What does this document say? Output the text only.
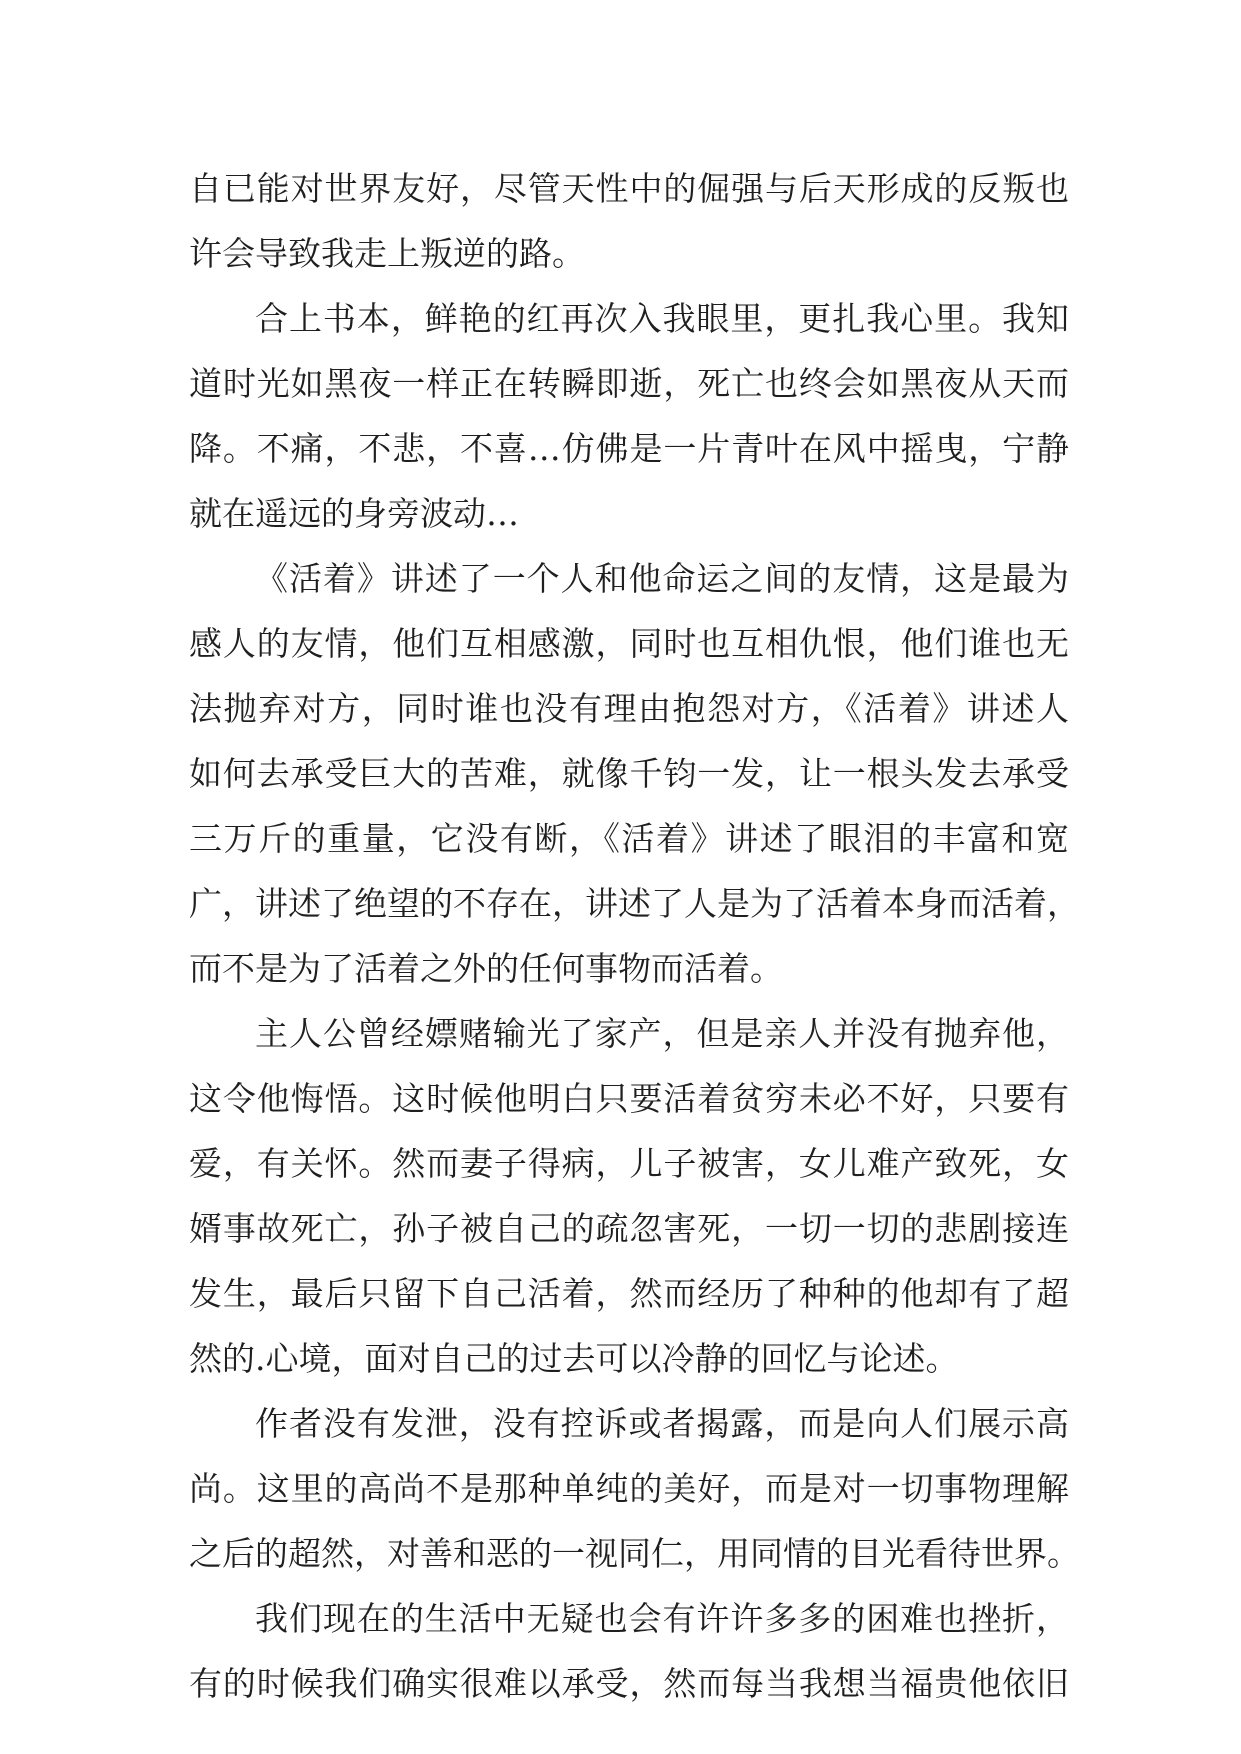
自已能对世界友好，尽管天性中的倔强与后天形成的反叛也
许会导致我走上叛逆的路。
合上书本，鲜艳的红再次入我眼里，更扎我心里。我知
道时光如黑夜一样正在转瞬即逝，死亡也终会如黑夜从天而
降。不痛，不悲，不喜…仿佛是一片青叶在风中摇曳，宁静
就在遥远的身旁波动…
《活着》讲述了一个人和他命运之间的友情，这是最为
感人的友情，他们互相感激，同时也互相仇恨，他们谁也无
法抛弃对方，同时谁也没有理由抱怨对方，《活着》讲述人
如何去承受巨大的苦难，就像千钧一发，让一根头发去承受
三万斤的重量，它没有断，《活着》讲述了眼泪的丰富和宽
广，讲述了绝望的不存在，讲述了人是为了活着本身而活着，
而不是为了活着之外的任何事物而活着。
主人公曾经嫖赌输光了家产，但是亲人并没有抛弃他，
这令他悔悟。这时候他明白只要活着贫穷未必不好，只要有
爱，有关怀。然而妻子得病，儿子被害，女儿难产致死，女
婿事故死亡，孙子被自己的疏忽害死，一切一切的悲剧接连
发生，最后只留下自己活着，然而经历了种种的他却有了超
然的.心境，面对自己的过去可以冷静的回忆与论述。
作者没有发泄，没有控诉或者揭露，而是向人们展示高
尚。这里的高尚不是那种单纯的美好，而是对一切事物理解
之后的超然，对善和恶的一视同仁，用同情的目光看待世界。
我们现在的生活中无疑也会有许许多多的困难也挫折，
有的时候我们确实很难以承受，然而每当我想当福贵他依旧
